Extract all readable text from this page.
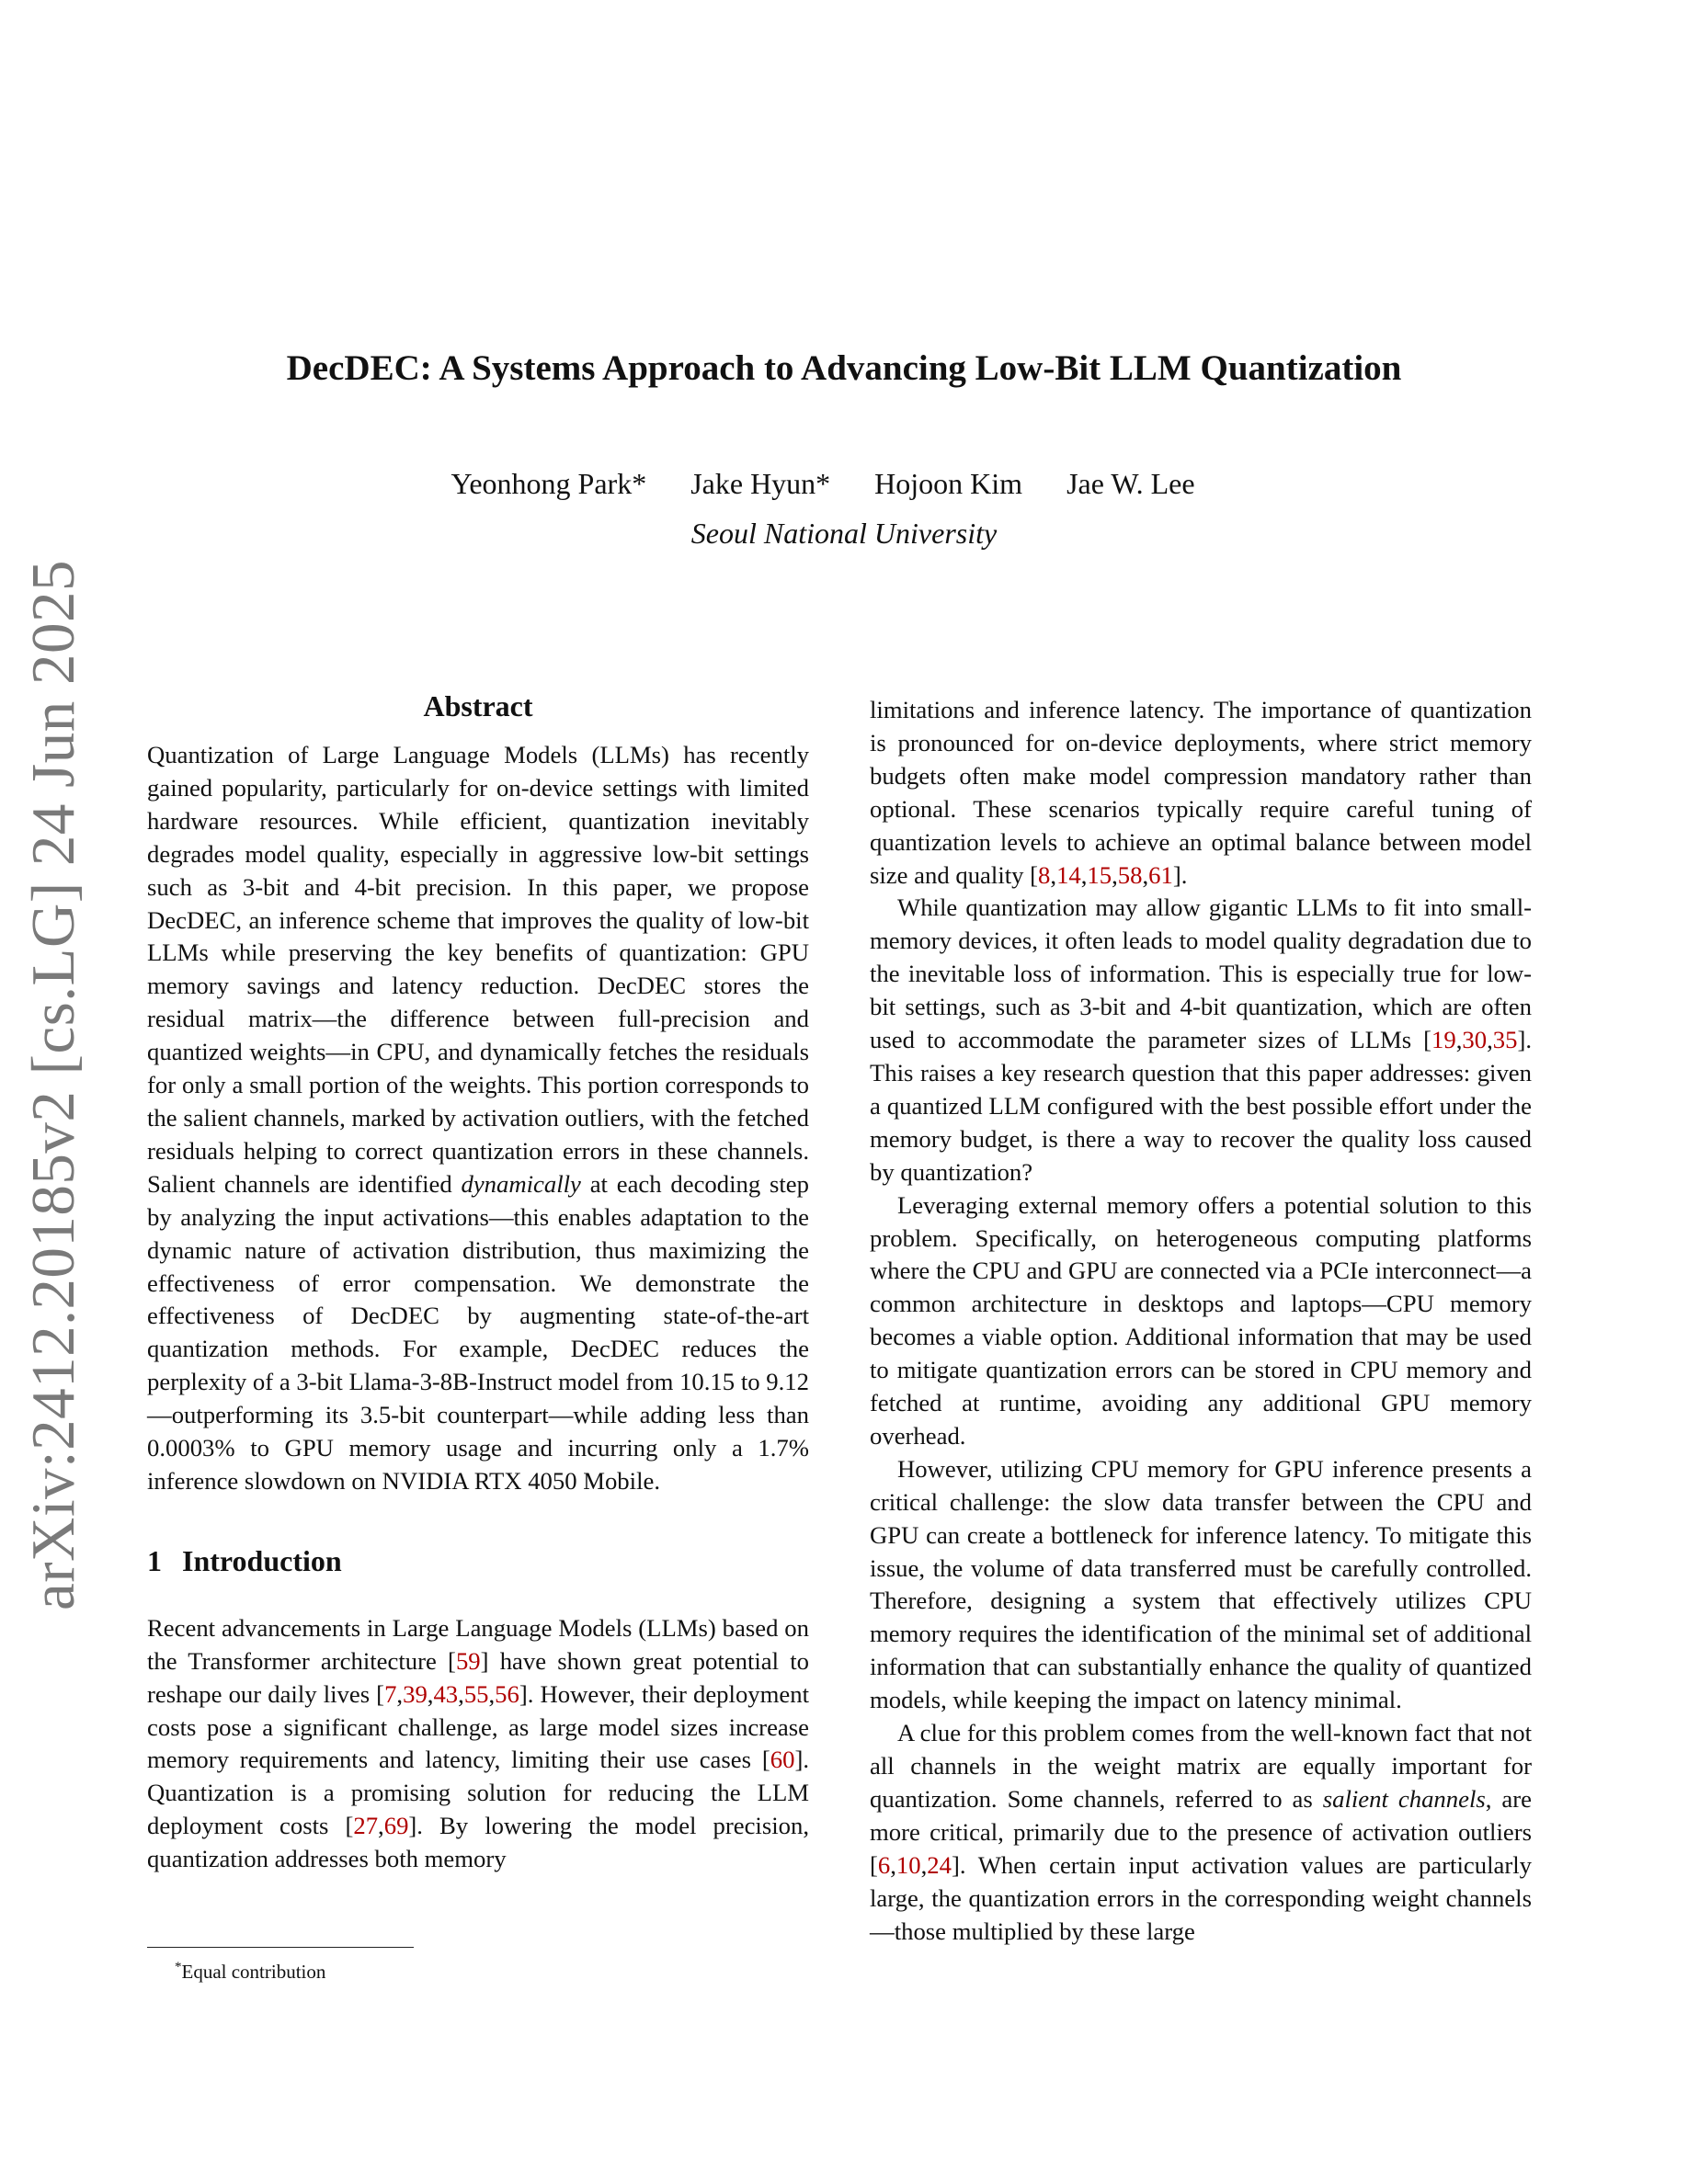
arXiv:2412.20185v2 [cs.LG] 24 Jun 2025
DecDEC: A Systems Approach to Advancing Low-Bit LLM Quantization
Yeonhong Park* Jake Hyun* Hojoon Kim Jae W. Lee
Seoul National University
Abstract

Quantization of Large Language Models (LLMs) has recently gained popularity, particularly for on-device settings with limited hardware resources. While efficient, quantization inevitably degrades model quality, especially in aggressive low-bit settings such as 3-bit and 4-bit precision. In this paper, we propose DecDEC, an inference scheme that improves the quality of low-bit LLMs while preserving the key benefits of quantization: GPU memory savings and latency reduction. DecDEC stores the residual matrix—the difference between full-precision and quantized weights—in CPU, and dynamically fetches the residuals for only a small portion of the weights. This portion corresponds to the salient channels, marked by activation outliers, with the fetched residuals helping to correct quantization errors in these channels. Salient channels are identified dynamically at each decoding step by analyzing the input activations—this enables adaptation to the dynamic nature of activation distribution, thus maximizing the effectiveness of error compensation. We demonstrate the effectiveness of DecDEC by augmenting state-of-the-art quantization methods. For example, DecDEC reduces the perplexity of a 3-bit Llama-3-8B-Instruct model from 10.15 to 9.12—outperforming its 3.5-bit counterpart—while adding less than 0.0003% to GPU memory usage and incurring only a 1.7% inference slowdown on NVIDIA RTX 4050 Mobile.

1 Introduction

Recent advancements in Large Language Models (LLMs) based on the Transformer architecture [59] have shown great potential to reshape our daily lives [7,39,43,55,56]. However, their deployment costs pose a significant challenge, as large model sizes increase memory requirements and latency, limiting their use cases [60]. Quantization is a promising solution for reducing the LLM deployment costs [27,69]. By lowering the model precision, quantization addresses both memory

limitations and inference latency. The importance of quantization is pronounced for on-device deployments, where strict memory budgets often make model compression mandatory rather than optional. These scenarios typically require careful tuning of quantization levels to achieve an optimal balance between model size and quality [8,14,15,58,61].

While quantization may allow gigantic LLMs to fit into small-memory devices, it often leads to model quality degradation due to the inevitable loss of information. This is especially true for low-bit settings, such as 3-bit and 4-bit quantization, which are often used to accommodate the parameter sizes of LLMs [19,30,35]. This raises a key research question that this paper addresses: given a quantized LLM configured with the best possible effort under the memory budget, is there a way to recover the quality loss caused by quantization?

Leveraging external memory offers a potential solution to this problem. Specifically, on heterogeneous computing platforms where the CPU and GPU are connected via a PCIe interconnect—a common architecture in desktops and laptops—CPU memory becomes a viable option. Additional information that may be used to mitigate quantization errors can be stored in CPU memory and fetched at runtime, avoiding any additional GPU memory overhead.

However, utilizing CPU memory for GPU inference presents a critical challenge: the slow data transfer between the CPU and GPU can create a bottleneck for inference latency. To mitigate this issue, the volume of data transferred must be carefully controlled. Therefore, designing a system that effectively utilizes CPU memory requires the identification of the minimal set of additional information that can substantially enhance the quality of quantized models, while keeping the impact on latency minimal.

A clue for this problem comes from the well-known fact that not all channels in the weight matrix are equally important for quantization. Some channels, referred to as salient channels, are more critical, primarily due to the presence of activation outliers [6,10,24]. When certain input activation values are particularly large, the quantization errors in the corresponding weight channels—those multiplied by these large

*Equal contribution
